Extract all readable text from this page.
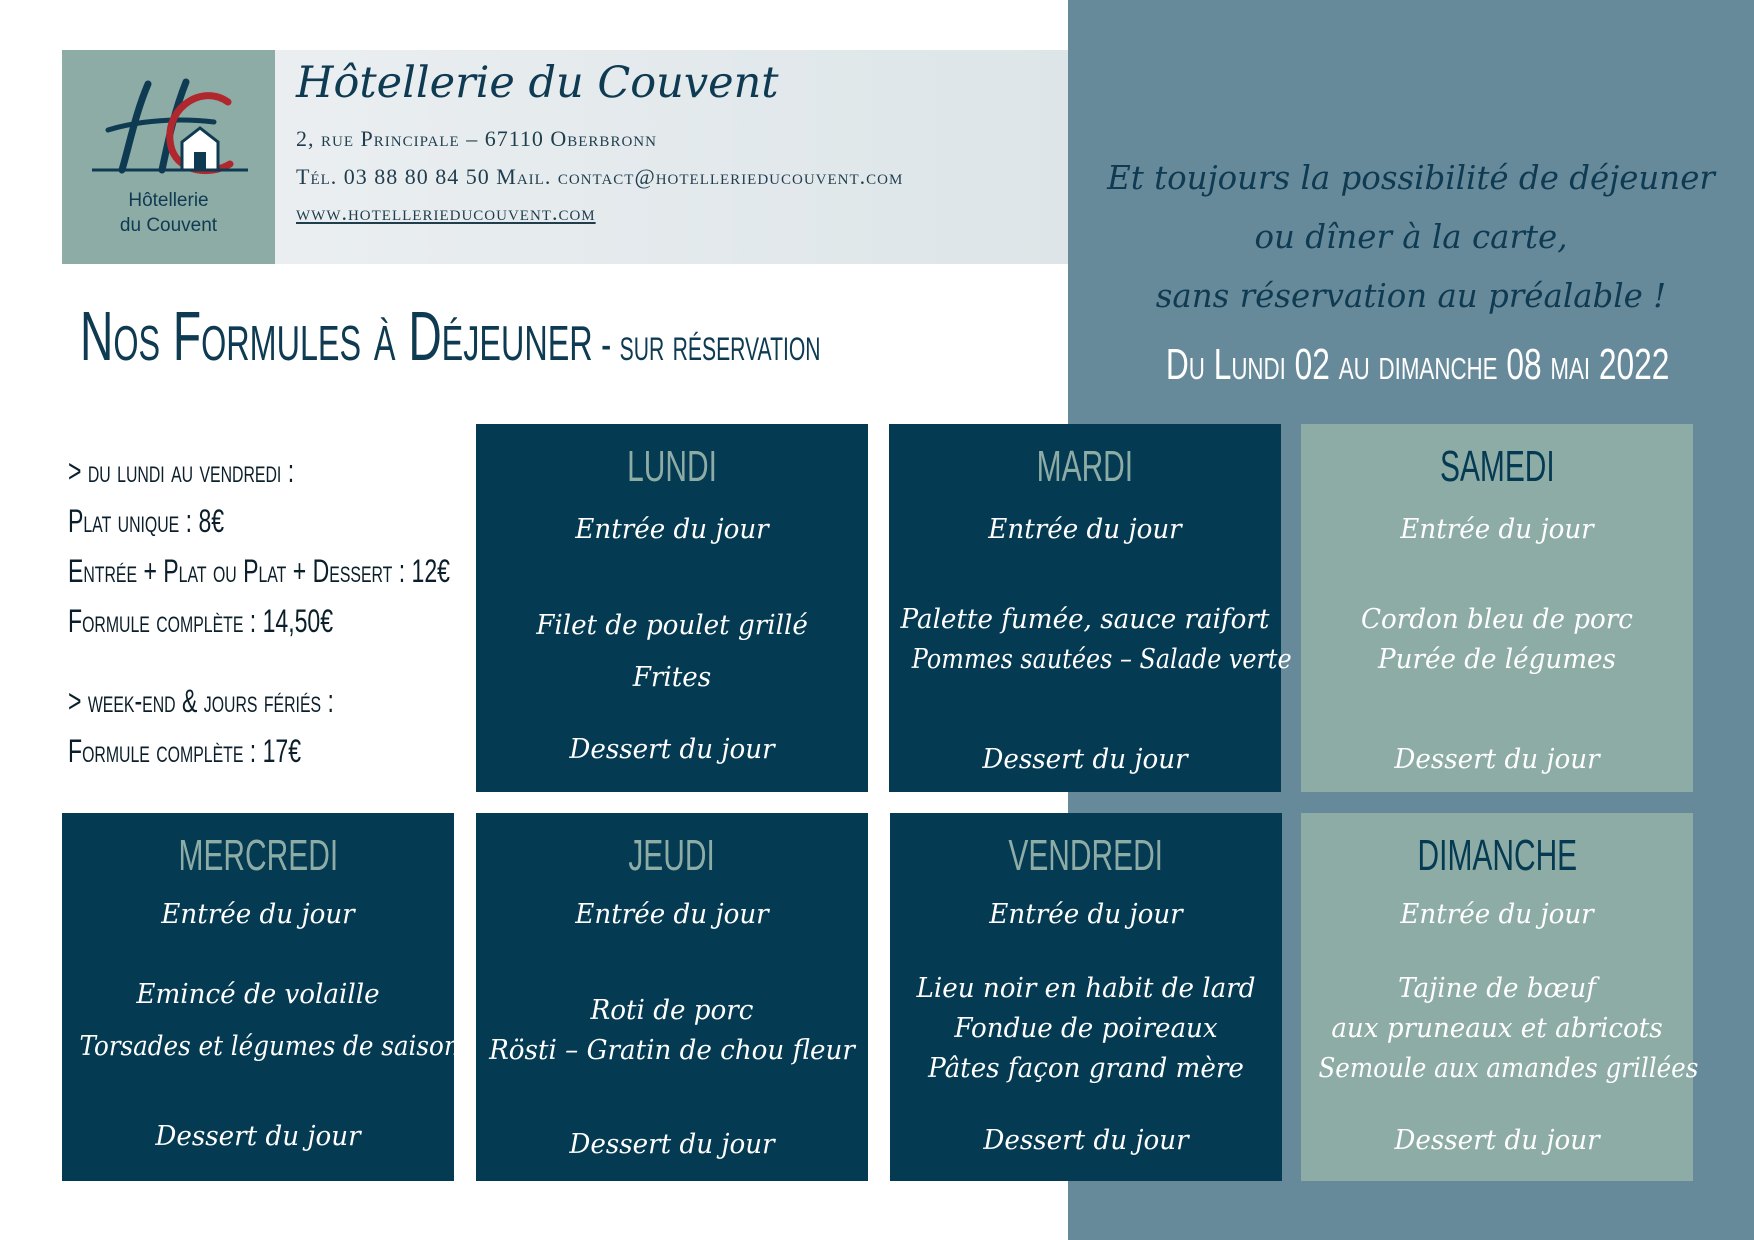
Hôtellerie
du Couvent
Hôtellerie du Couvent
2, rue Principale – 67110 Oberbronn
Tél. 03 88 80 84 50 Mail. contact@hotellerieducouvent.com
www.hotellerieducouvent.com
Nos Formules à Déjeuner - sur réservation
Et toujours la possibilité de déjeuner
ou dîner à la carte,
sans réservation au préalable !
Du Lundi 02 au dimanche 08 mai 2022
> du lundi au vendredi :
Plat unique : 8€
Entrée + Plat ou Plat + Dessert : 12€
Formule complète : 14,50€
> week-end & jours fériés :
Formule complète : 17€
LUNDI
Entrée du jour
Filet de poulet grillé
Frites
Dessert du jour
MARDI
Entrée du jour
Palette fumée, sauce raifort
Pommes sautées – Salade verte
Dessert du jour
SAMEDI
Entrée du jour
Cordon bleu de porc
Purée de légumes
Dessert du jour
MERCREDI
Entrée du jour
Emincé de volaille
Torsades et légumes de saison
Dessert du jour
JEUDI
Entrée du jour
Roti de porc
Rösti – Gratin de chou fleur
Dessert du jour
VENDREDI
Entrée du jour
Lieu noir en habit de lard
Fondue de poireaux
Pâtes façon grand mère
Dessert du jour
DIMANCHE
Entrée du jour
Tajine de bœuf
aux pruneaux et abricots
Semoule aux amandes grillées
Dessert du jour
